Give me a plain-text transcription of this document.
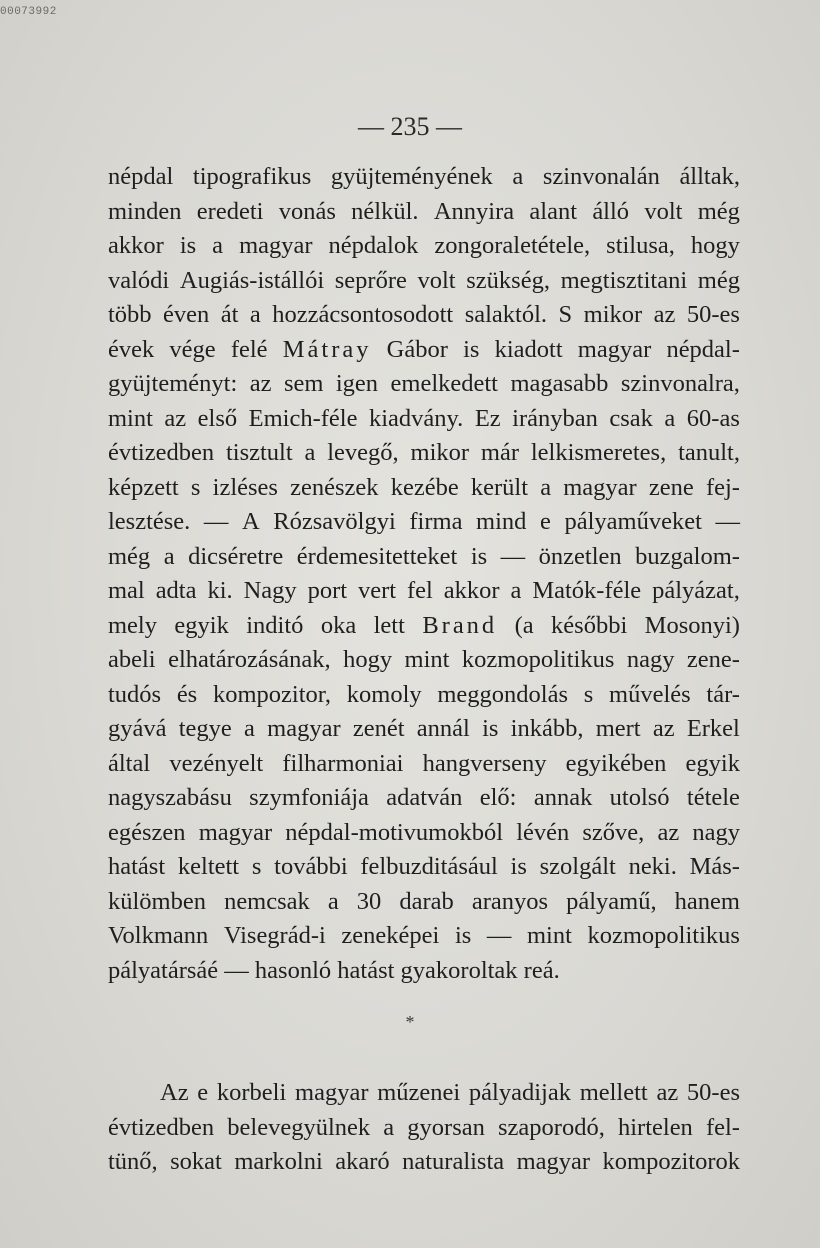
00073992
— 235 —
népdal tipografikus gyüjteményének a szinvonalán álltak,
minden eredeti vonás nélkül. Annyira alant álló volt még
akkor is a magyar népdalok zongoraletétele, stilusa, hogy
valódi Augiás-istállói seprőre volt szükség, megtisztitani még
több éven át a hozzácsontosodott salaktól. S mikor az 50-es
évek vége felé Mátray Gábor is kiadott magyar népdal-
gyüjteményt: az sem igen emelkedett magasabb szinvonalra,
mint az első Emich-féle kiadvány. Ez irányban csak a 60-as
évtizedben tisztult a levegő, mikor már lelkismeretes, tanult,
képzett s izléses zenészek kezébe került a magyar zene fej-
lesztése. — A Rózsavölgyi firma mind e pályaműveket —
még a dicséretre érdemesitetteket is — önzetlen buzgalom-
mal adta ki. Nagy port vert fel akkor a Matók-féle pályázat,
mely egyik inditó oka lett Brand (a későbbi Mosonyi)
abeli elhatározásának, hogy mint kozmopolitikus nagy zene-
tudós és kompozitor, komoly meggondolás s művelés tár-
gyává tegye a magyar zenét annál is inkább, mert az Erkel
által vezényelt filharmoniai hangverseny egyikében egyik
nagyszabásu szymfoniája adatván elő: annak utolsó tétele
egészen magyar népdal-motivumokból lévén szőve, az nagy
hatást keltett s további felbuzditásául is szolgált neki. Más-
külömben nemcsak a 30 darab aranyos pályamű, hanem
Volkmann Visegrád-i zeneképei is — mint kozmopolitikus
pályatársáé — hasonló hatást gyakoroltak reá.
*
Az e korbeli magyar műzenei pályadijak mellett az 50-es
évtizedben belevegyülnek a gyorsan szaporodó, hirtelen fel-
tünő, sokat markolni akaró naturalista magyar kompozitorok
